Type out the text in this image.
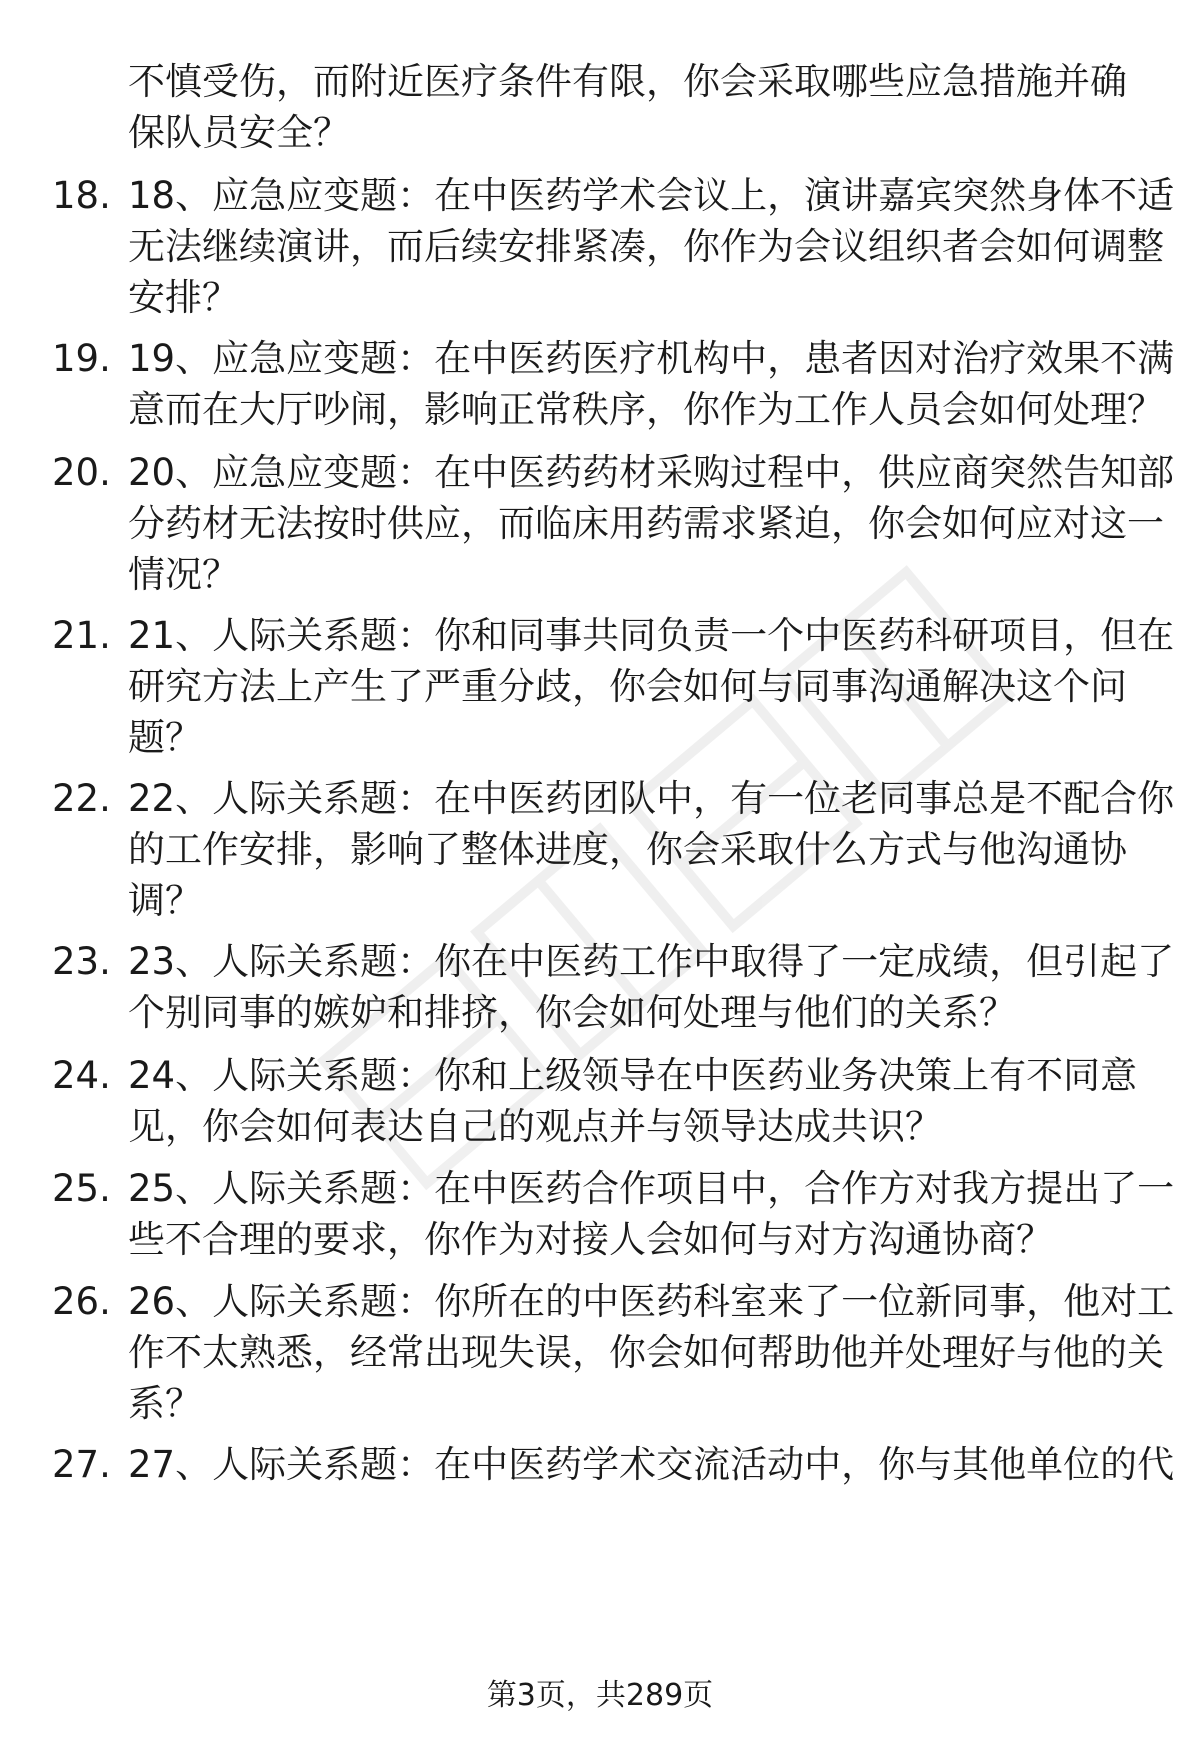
不慎受伤，而附近医疗条件有限，你会采取哪些应急措施并确保队员安全？
18. 18、应急应变题：在中医药学术会议上，演讲嘉宾突然身体不适无法继续演讲，而后续安排紧凑，你作为会议组织者会如何调整安排？
19. 19、应急应变题：在中医药医疗机构中，患者因对治疗效果不满意而在大厅吵闹，影响正常秩序，你作为工作人员会如何处理？
20. 20、应急应变题：在中医药药材采购过程中，供应商突然告知部分药材无法按时供应，而临床用药需求紧迫，你会如何应对这一情况？
21. 21、人际关系题：你和同事共同负责一个中医药科研项目，但在研究方法上产生了严重分歧，你会如何与同事沟通解决这个问题？
22. 22、人际关系题：在中医药团队中，有一位老同事总是不配合你的工作安排，影响了整体进度，你会采取什么方式与他沟通协调？
23. 23、人际关系题：你在中医药工作中取得了一定成绩，但引起了个别同事的嫉妒和排挤，你会如何处理与他们的关系？
24. 24、人际关系题：你和上级领导在中医药业务决策上有不同意见，你会如何表达自己的观点并与领导达成共识？
25. 25、人际关系题：在中医药合作项目中，合作方对我方提出了一些不合理的要求，你作为对接人会如何与对方沟通协商？
26. 26、人际关系题：你所在的中医药科室来了一位新同事，他对工作不太熟悉，经常出现失误，你会如何帮助他并处理好与他的关系？
27. 27、人际关系题：在中医药学术交流活动中，你与其他单位的代
第3页，共289页
